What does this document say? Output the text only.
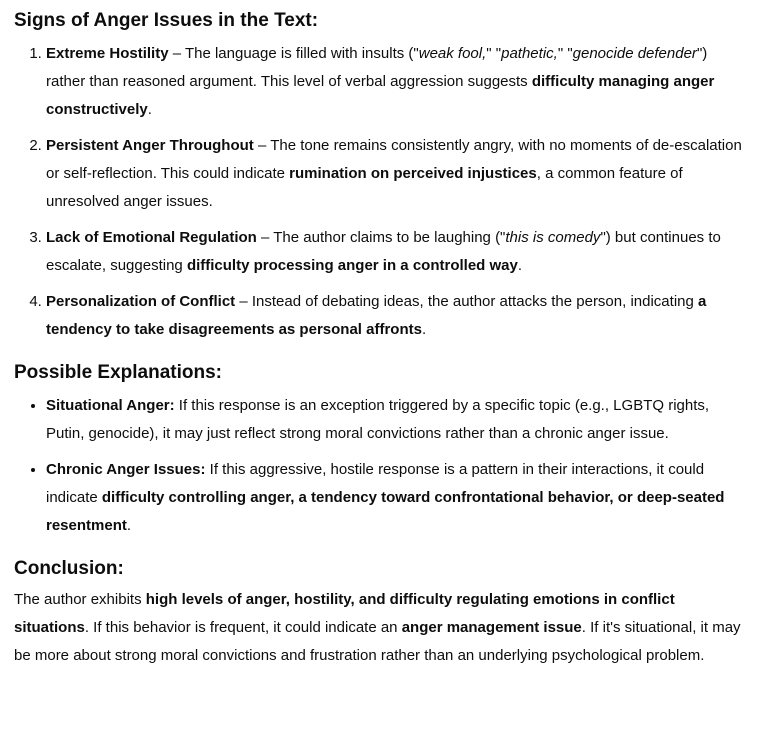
Signs of Anger Issues in the Text:
1. Extreme Hostility – The language is filled with insults ("weak fool," "pathetic," "genocide defender") rather than reasoned argument. This level of verbal aggression suggests difficulty managing anger constructively.
2. Persistent Anger Throughout – The tone remains consistently angry, with no moments of de-escalation or self-reflection. This could indicate rumination on perceived injustices, a common feature of unresolved anger issues.
3. Lack of Emotional Regulation – The author claims to be laughing ("this is comedy") but continues to escalate, suggesting difficulty processing anger in a controlled way.
4. Personalization of Conflict – Instead of debating ideas, the author attacks the person, indicating a tendency to take disagreements as personal affronts.
Possible Explanations:
• Situational Anger: If this response is an exception triggered by a specific topic (e.g., LGBTQ rights, Putin, genocide), it may just reflect strong moral convictions rather than a chronic anger issue.
• Chronic Anger Issues: If this aggressive, hostile response is a pattern in their interactions, it could indicate difficulty controlling anger, a tendency toward confrontational behavior, or deep-seated resentment.
Conclusion:

The author exhibits high levels of anger, hostility, and difficulty regulating emotions in conflict situations. If this behavior is frequent, it could indicate an anger management issue. If it's situational, it may be more about strong moral convictions and frustration rather than an underlying psychological problem.
